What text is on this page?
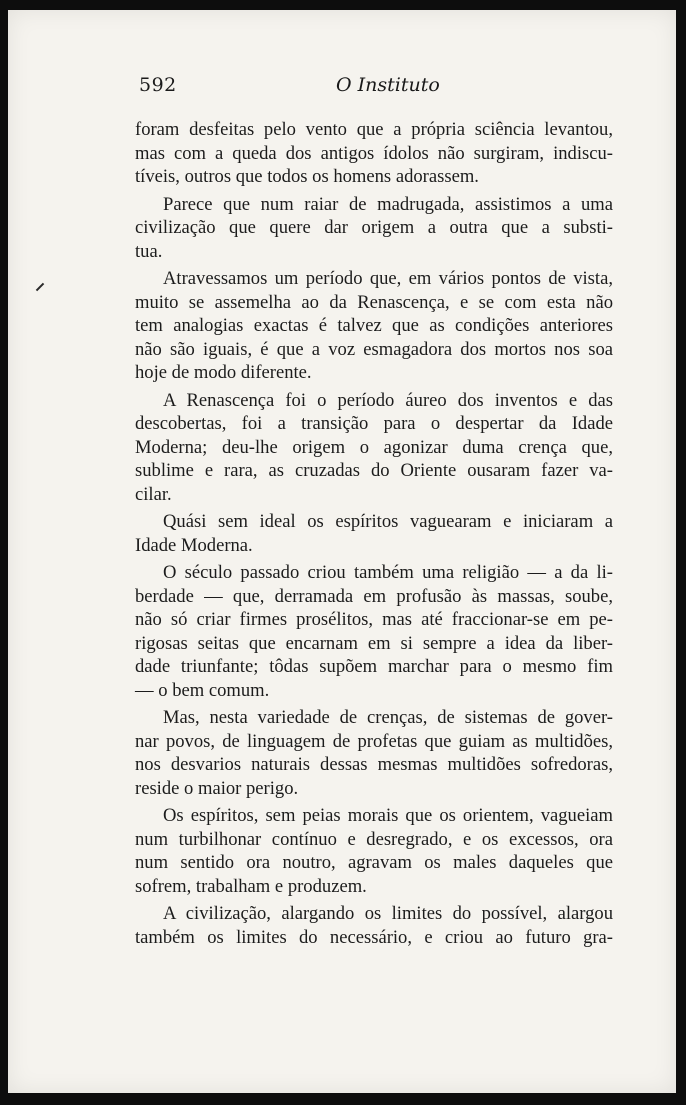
592	O Instituto
foram desfeitas pelo vento que a própria sciência levantou,
mas com a queda dos antigos ídolos não surgiram, indiscu-
tíveis, outros que todos os homens adorassem.
Parece que num raiar de madrugada, assistimos a uma
civilização que quere dar origem a outra que a substi-
tua.
Atravessamos um período que, em vários pontos de vista,
muito se assemelha ao da Renascença, e se com esta não
tem analogias exactas é talvez que as condições anteriores
não são iguais, é que a voz esmagadora dos mortos nos soa
hoje de modo diferente.
A Renascença foi o período áureo dos inventos e das
descobertas, foi a transição para o despertar da Idade
Moderna; deu-lhe origem o agonizar duma crença que,
sublime e rara, as cruzadas do Oriente ousaram fazer va-
cilar.
Quási sem ideal os espíritos vaguearam e iniciaram a
Idade Moderna.
O século passado criou também uma religião — a da li-
berdade — que, derramada em profusão às massas, soube,
não só criar firmes prosélitos, mas até fraccionar-se em pe-
rigosas seitas que encarnam em si sempre a idea da liber-
dade triunfante; tôdas supõem marchar para o mesmo fim
— o bem comum.
Mas, nesta variedade de crenças, de sistemas de gover-
nar povos, de linguagem de profetas que guiam as multidões,
nos desvarios naturais dessas mesmas multidões sofredoras,
reside o maior perigo.
Os espíritos, sem peias morais que os orientem, vagueiam
num turbilhonar contínuo e desregrado, e os excessos, ora
num sentido ora noutro, agravam os males daqueles que
sofrem, trabalham e produzem.
A civilização, alargando os limites do possível, alargou
também os limites do necessário, e criou ao futuro gra-
